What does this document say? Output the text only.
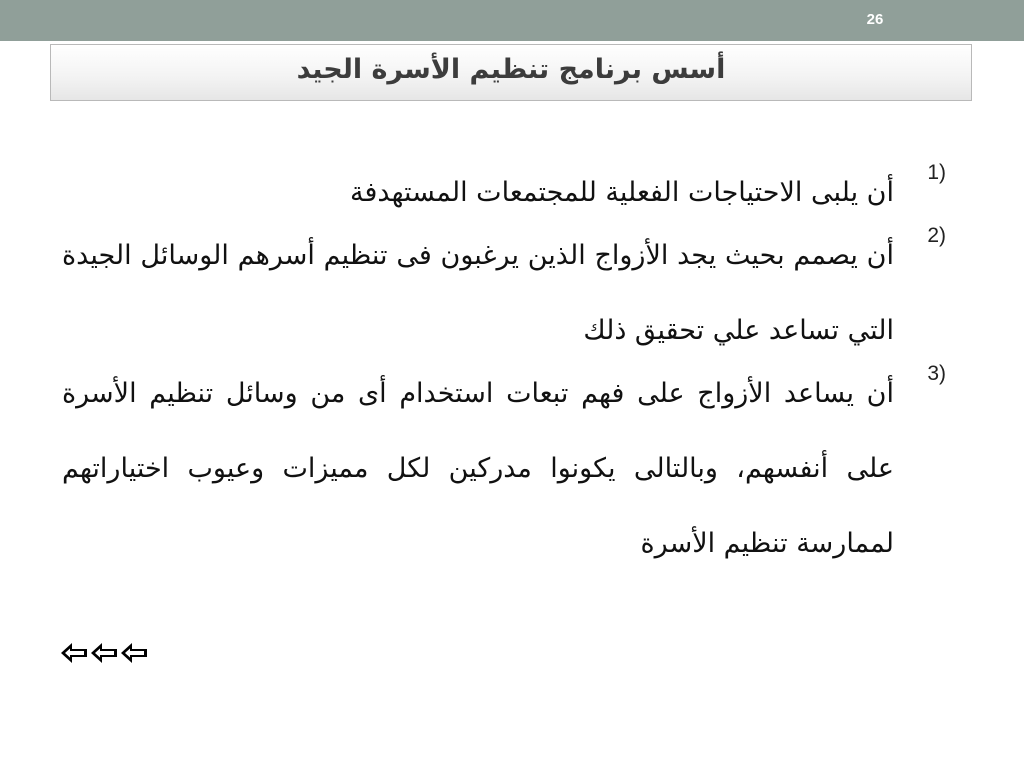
26
أسس برنامج تنظيم الأسرة الجيد
1)
أن يلبى الاحتياجات الفعلية للمجتمعات المستهدفة
2)
أن يصمم بحيث يجد الأزواج الذين يرغبون فى تنظيم أسرهم الوسائل الجيدة التي تساعد علي تحقيق ذلك
3)
أن يساعد الأزواج على فهم تبعات استخدام أى من وسائل تنظيم الأسرة على أنفسهم، وبالتالى يكونوا مدركين لكل مميزات وعيوب اختياراتهم لممارسة تنظيم الأسرة
